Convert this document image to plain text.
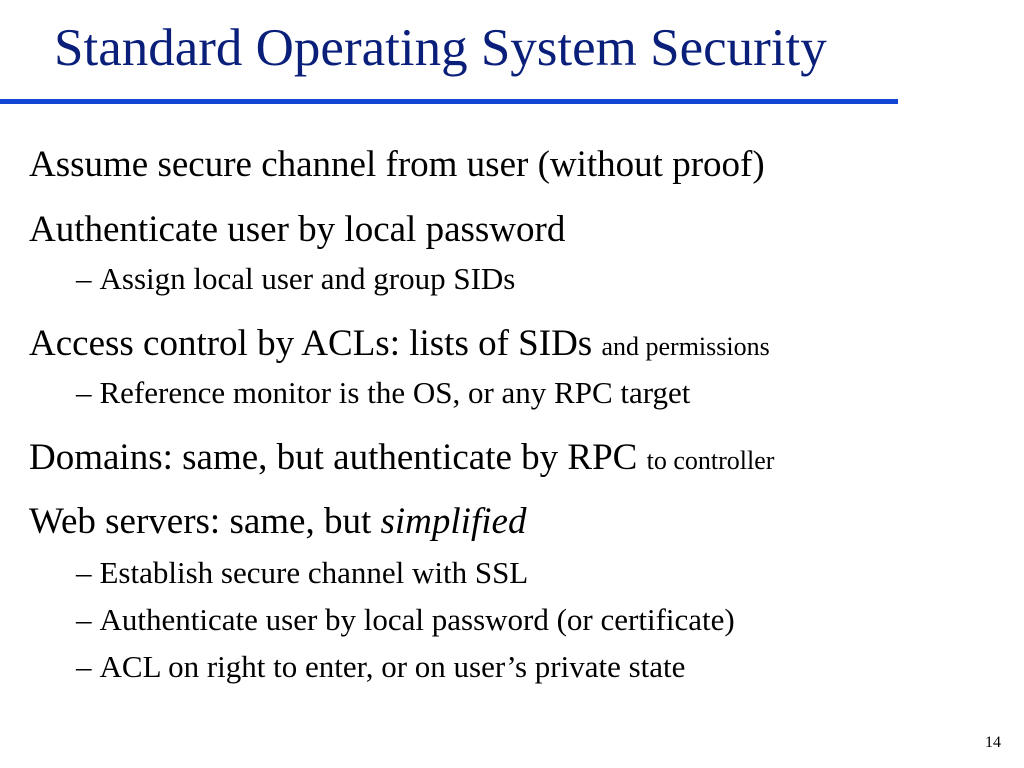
Standard Operating System Security
Assume secure channel from user (without proof)
Authenticate user by local password
– Assign local user and group SIDs
Access control by ACLs: lists of SIDs and permissions
– Reference monitor is the OS, or any RPC target
Domains: same, but authenticate by RPC to controller
Web servers: same, but simplified
– Establish secure channel with SSL
– Authenticate user by local password (or certificate)
– ACL on right to enter, or on user’s private state
14
